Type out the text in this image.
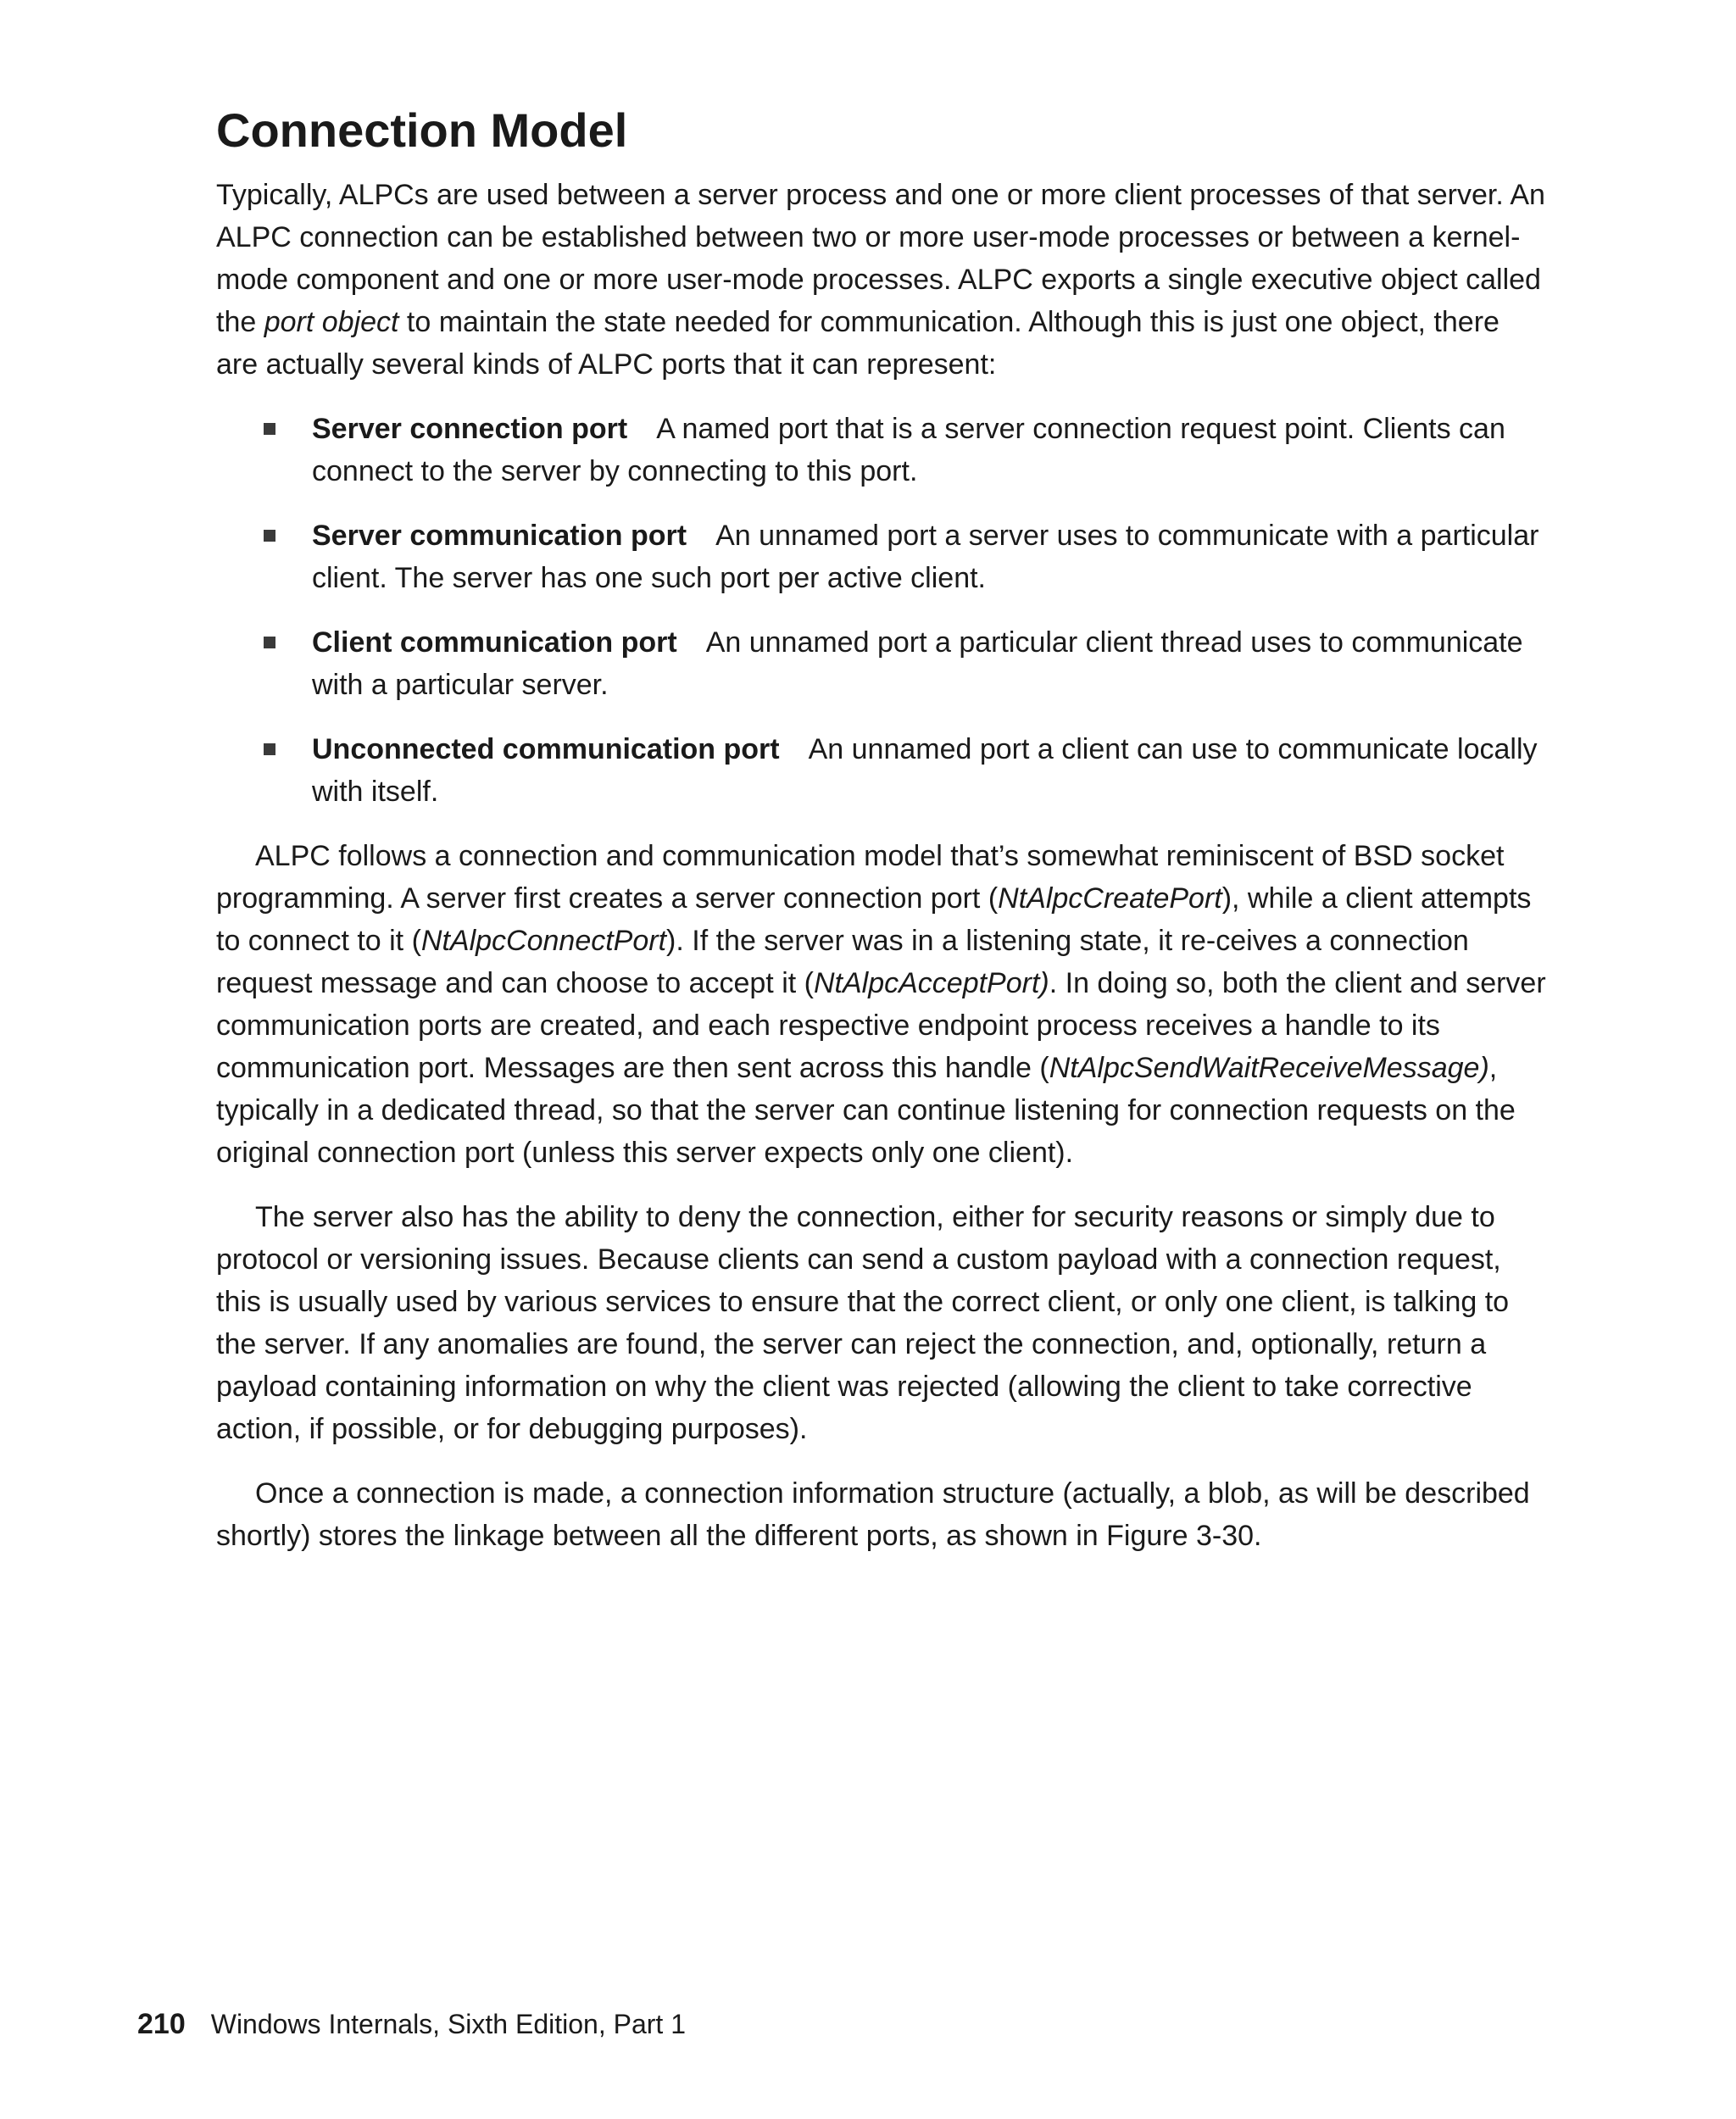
Connection Model

Typically, ALPCs are used between a server process and one or more client processes of that server. An ALPC connection can be established between two or more user-mode processes or between a kernel-mode component and one or more user-mode processes. ALPC exports a single executive object called the port object to maintain the state needed for communication. Although this is just one object, there are actually several kinds of ALPC ports that it can represent:

Server connection port A named port that is a server connection request point. Clients can connect to the server by connecting to this port.
Server communication port An unnamed port a server uses to communicate with a particular client. The server has one such port per active client.
Client communication port An unnamed port a particular client thread uses to communicate with a particular server.
Unconnected communication port An unnamed port a client can use to communicate locally with itself.

ALPC follows a connection and communication model that’s somewhat reminiscent of BSD socket programming. A server first creates a server connection port (NtAlpcCreatePort), while a client attempts to connect to it (NtAlpcConnectPort). If the server was in a listening state, it re-ceives a connection request message and can choose to accept it (NtAlpcAcceptPort). In doing so, both the client and server communication ports are created, and each respective endpoint process receives a handle to its communication port. Messages are then sent across this handle (NtAlpcSendWaitReceiveMessage), typically in a dedicated thread, so that the server can continue listening for connection requests on the original connection port (unless this server expects only one client).

The server also has the ability to deny the connection, either for security reasons or simply due to protocol or versioning issues. Because clients can send a custom payload with a connection request, this is usually used by various services to ensure that the correct client, or only one client, is talking to the server. If any anomalies are found, the server can reject the connection, and, optionally, return a payload containing information on why the client was rejected (allowing the client to take corrective action, if possible, or for debugging purposes).

Once a connection is made, a connection information structure (actually, a blob, as will be described shortly) stores the linkage between all the different ports, as shown in Figure 3-30.

210 Windows Internals, Sixth Edition, Part 1
